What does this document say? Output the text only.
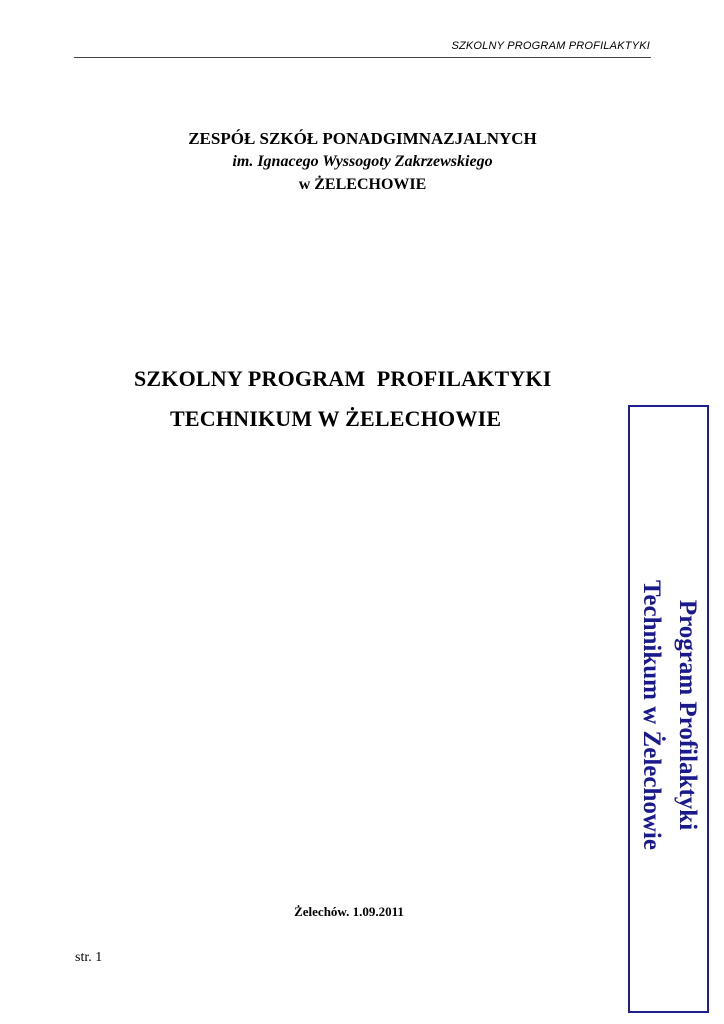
SZKOLNY PROGRAM PROFILAKTYKI
ZESPÓŁ SZKÓŁ PONADGIMNAZJALNYCH
im. Ignacego Wyssogoty Zakrzewskiego
w ŻELECHOWIE
SZKOLNY PROGRAM  PROFILAKTYKI
TECHNIKUM W ŻELECHOWIE
Program Profilaktyki
Technikum w Żelechowie
Żelechów. 1.09.2011
str. 1
